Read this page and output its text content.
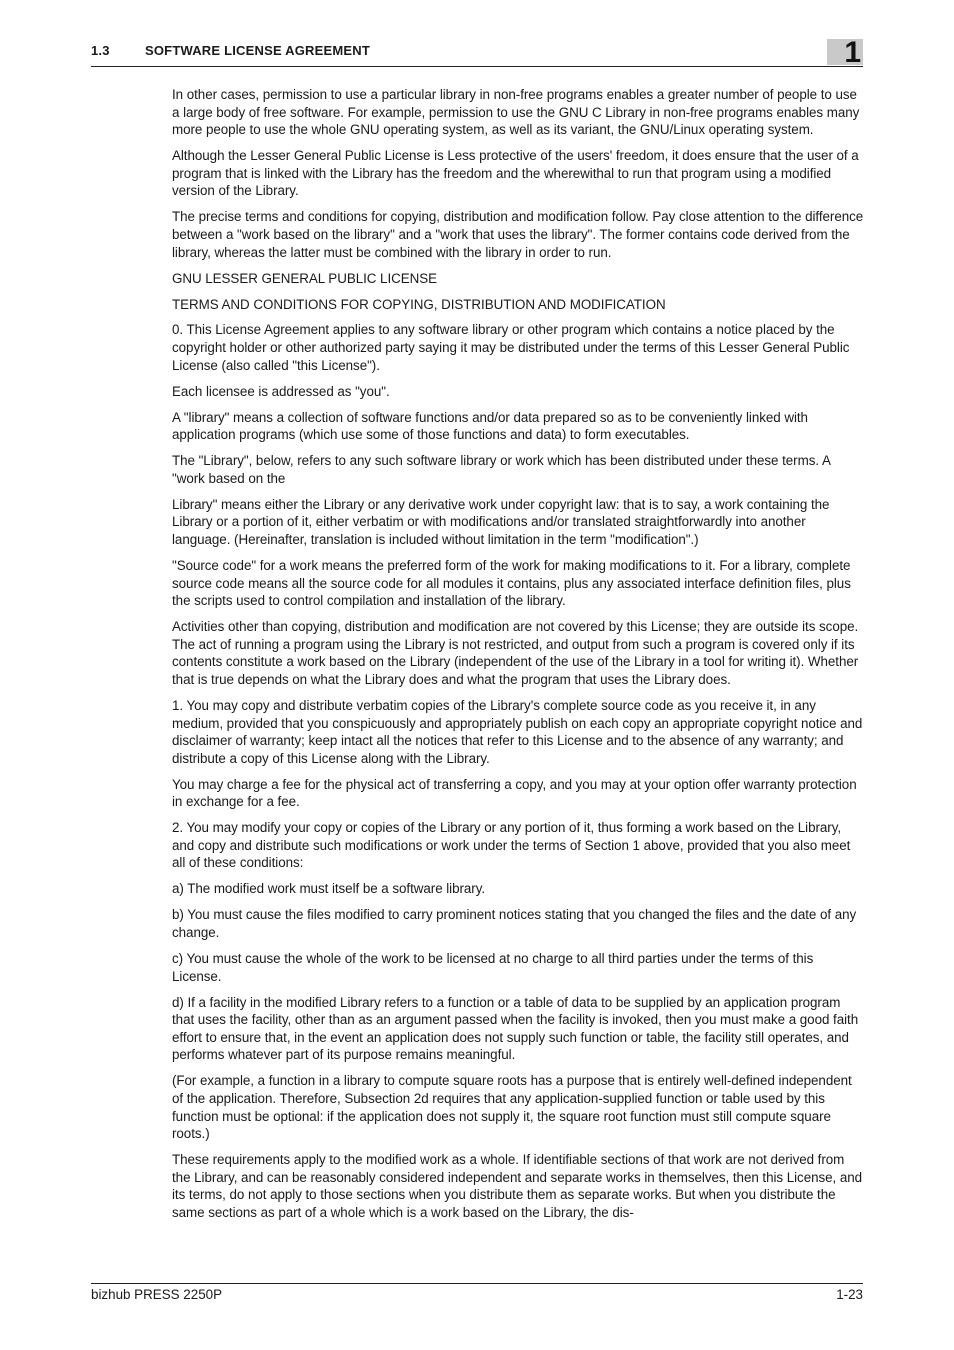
1.3	SOFTWARE LICENSE AGREEMENT	1

In other cases, permission to use a particular library in non-free programs enables a greater number of people to use a large body of free software. For example, permission to use the GNU C Library in non-free programs enables many more people to use the whole GNU operating system, as well as its variant, the GNU/Linux operating system.

Although the Lesser General Public License is Less protective of the users' freedom, it does ensure that the user of a program that is linked with the Library has the freedom and the wherewithal to run that program using a modified version of the Library.

The precise terms and conditions for copying, distribution and modification follow. Pay close attention to the difference between a "work based on the library" and a "work that uses the library". The former contains code derived from the library, whereas the latter must be combined with the library in order to run.

GNU LESSER GENERAL PUBLIC LICENSE

TERMS AND CONDITIONS FOR COPYING, DISTRIBUTION AND MODIFICATION

0. This License Agreement applies to any software library or other program which contains a notice placed by the copyright holder or other authorized party saying it may be distributed under the terms of this Lesser General Public License (also called "this License").

Each licensee is addressed as "you".

A "library" means a collection of software functions and/or data prepared so as to be conveniently linked with application programs (which use some of those functions and data) to form executables.

The "Library", below, refers to any such software library or work which has been distributed under these terms. A "work based on the

Library" means either the Library or any derivative work under copyright law: that is to say, a work containing the Library or a portion of it, either verbatim or with modifications and/or translated straightforwardly into another language. (Hereinafter, translation is included without limitation in the term "modification".)

"Source code" for a work means the preferred form of the work for making modifications to it. For a library, complete source code means all the source code for all modules it contains, plus any associated interface definition files, plus the scripts used to control compilation and installation of the library.

Activities other than copying, distribution and modification are not covered by this License; they are outside its scope. The act of running a program using the Library is not restricted, and output from such a program is covered only if its contents constitute a work based on the Library (independent of the use of the Library in a tool for writing it). Whether that is true depends on what the Library does and what the program that uses the Library does.

1. You may copy and distribute verbatim copies of the Library's complete source code as you receive it, in any medium, provided that you conspicuously and appropriately publish on each copy an appropriate copyright notice and disclaimer of warranty; keep intact all the notices that refer to this License and to the absence of any warranty; and distribute a copy of this License along with the Library.

You may charge a fee for the physical act of transferring a copy, and you may at your option offer warranty protection in exchange for a fee.

2. You may modify your copy or copies of the Library or any portion of it, thus forming a work based on the Library, and copy and distribute such modifications or work under the terms of Section 1 above, provided that you also meet all of these conditions:

a) The modified work must itself be a software library.

b) You must cause the files modified to carry prominent notices stating that you changed the files and the date of any change.

c) You must cause the whole of the work to be licensed at no charge to all third parties under the terms of this License.

d) If a facility in the modified Library refers to a function or a table of data to be supplied by an application program that uses the facility, other than as an argument passed when the facility is invoked, then you must make a good faith effort to ensure that, in the event an application does not supply such function or table, the facility still operates, and performs whatever part of its purpose remains meaningful.

(For example, a function in a library to compute square roots has a purpose that is entirely well-defined independent of the application. Therefore, Subsection 2d requires that any application-supplied function or table used by this function must be optional: if the application does not supply it, the square root function must still compute square roots.)

These requirements apply to the modified work as a whole. If identifiable sections of that work are not derived from the Library, and can be reasonably considered independent and separate works in themselves, then this License, and its terms, do not apply to those sections when you distribute them as separate works. But when you distribute the same sections as part of a whole which is a work based on the Library, the dis-

bizhub PRESS 2250P	1-23
